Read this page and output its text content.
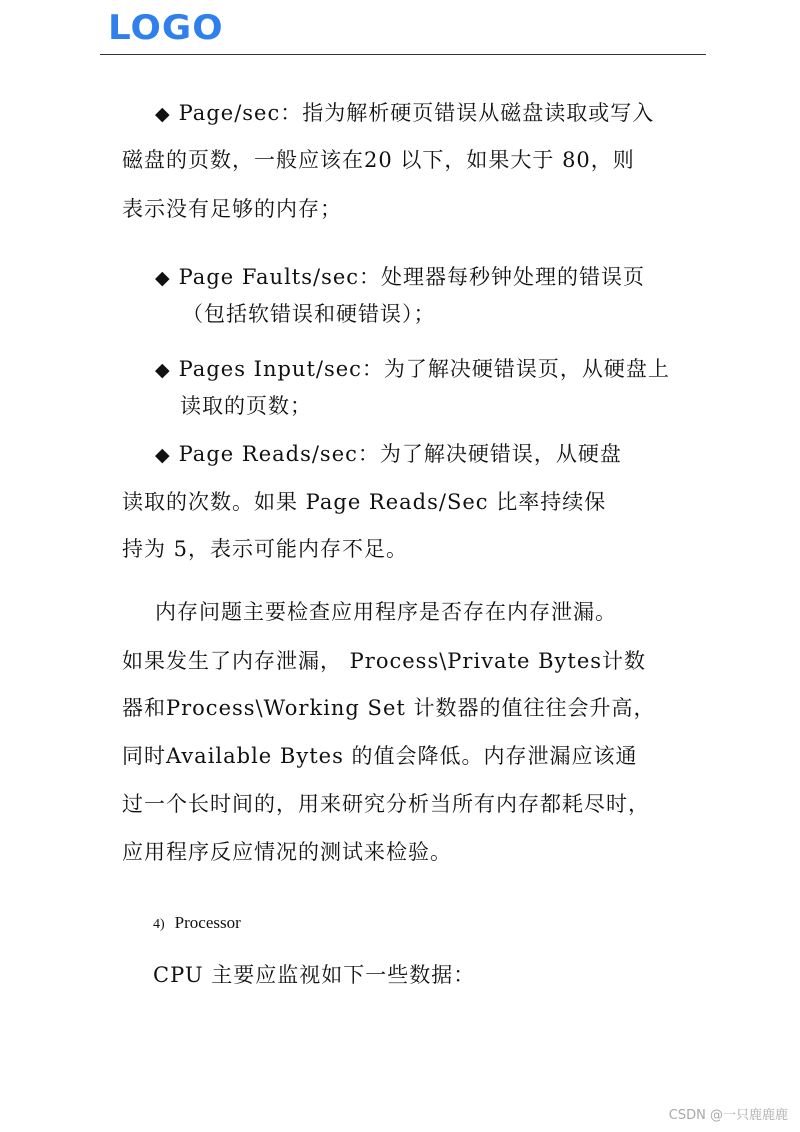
LOGO
◆ Page/sec：指为解析硬页错误从磁盘读取或写入
磁盘的页数，一般应该在20 以下，如果大于 80，则
表示没有足够的内存；
◆ Page Faults/sec：处理器每秒钟处理的错误页
（包括软错误和硬错误）；
◆ Pages Input/sec：为了解决硬错误页，从硬盘上
读取的页数；
◆ Page Reads/sec：为了解决硬错误，从硬盘
读取的次数。如果 Page Reads/Sec 比率持续保
持为 5，表示可能内存不足。
内存问题主要检查应用程序是否存在内存泄漏。
如果发生了内存泄漏， Process\Private Bytes计数
器和Process\Working Set 计数器的值往往会升高，
同时Available Bytes 的值会降低。内存泄漏应该通
过一个长时间的，用来研究分析当所有内存都耗尽时，
应用程序反应情况的测试来检验。
4) Processor
CPU 主要应监视如下一些数据：
CSDN @一只鹿鹿鹿
